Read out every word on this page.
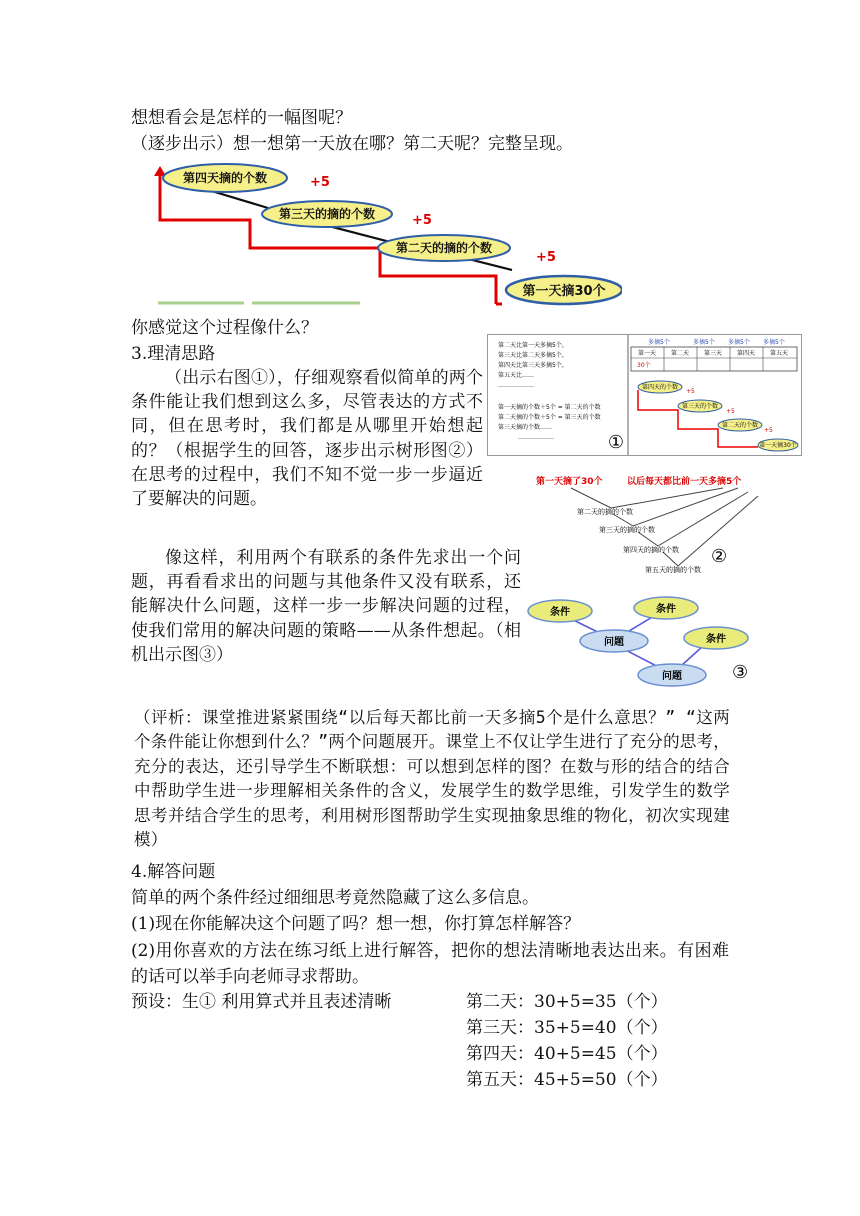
想想看会是怎样的一幅图呢？
（逐步出示）想一想第一天放在哪？第二天呢？完整呈现。
+5
+5
+5
第四天摘的个数
第三天的摘的个数
第二天的摘的个数
第一天摘30个
你感觉这个过程像什么？
3.理清思路	第二天比第一天多摘5个，
第三天比第二天多摘5个，
第四天比第三天多摘5个，
第五天比……
………………
第一天摘的个数＋5个 = 第二天的个数
第二天摘的个数＋5个 = 第三天的个数
第三天摘的个数……
………………	①
多摘5个	多摘5个 多摘5个 多摘5个
第一天 第二天 第三天 第四天 第五天
30个
第四天的个数
第三天的个数
第二天的个数
第一天摘30个
+5
+5
+5
第一天摘了30个	以后每天都比前一天多摘5个
第二天的摘的个数
第三天的摘的个数
第四天的摘的个数
第五天的摘的个数
②
条件	条件
问题	条件
问题	③

（出示右图①），仔细观察看似简单的两个条件能让我们想到这么多，尽管表达的方式不同，但在思考时，我们都是从哪里开始想起的？（根据学生的回答，逐步出示树形图②）在思考的过程中，我们不知不觉一步一步逼近了要解决的问题。

像这样，利用两个有联系的条件先求出一个问题，再看看求出的问题与其他条件又没有联系，还能解决什么问题，这样一步一步解决问题的过程，使我们常用的解决问题的策略——从条件想起。（相机出示图③）

（评析：课堂推进紧紧围绕“以后每天都比前一天多摘5个是什么意思？” “这两个条件能让你想到什么？”两个问题展开。课堂上不仅让学生进行了充分的思考，充分的表达，还引导学生不断联想：可以想到怎样的图？在数与形的结合的结合中帮助学生进一步理解相关条件的含义，发展学生的数学思维，引发学生的数学思考并结合学生的思考，利用树形图帮助学生实现抽象思维的物化，初次实现建模）
4.解答问题
简单的两个条件经过细细思考竟然隐藏了这么多信息。
(1)现在你能解决这个问题了吗？想一想，你打算怎样解答？
(2)用你喜欢的方法在练习纸上进行解答，把你的想法清晰地表达出来。有困难的话可以举手向老师寻求帮助。
预设：生① 利用算式并且表述清晰	第二天：30+5=35（个）
第三天：35+5=40（个）
第四天：40+5=45（个）
第五天：45+5=50（个）
